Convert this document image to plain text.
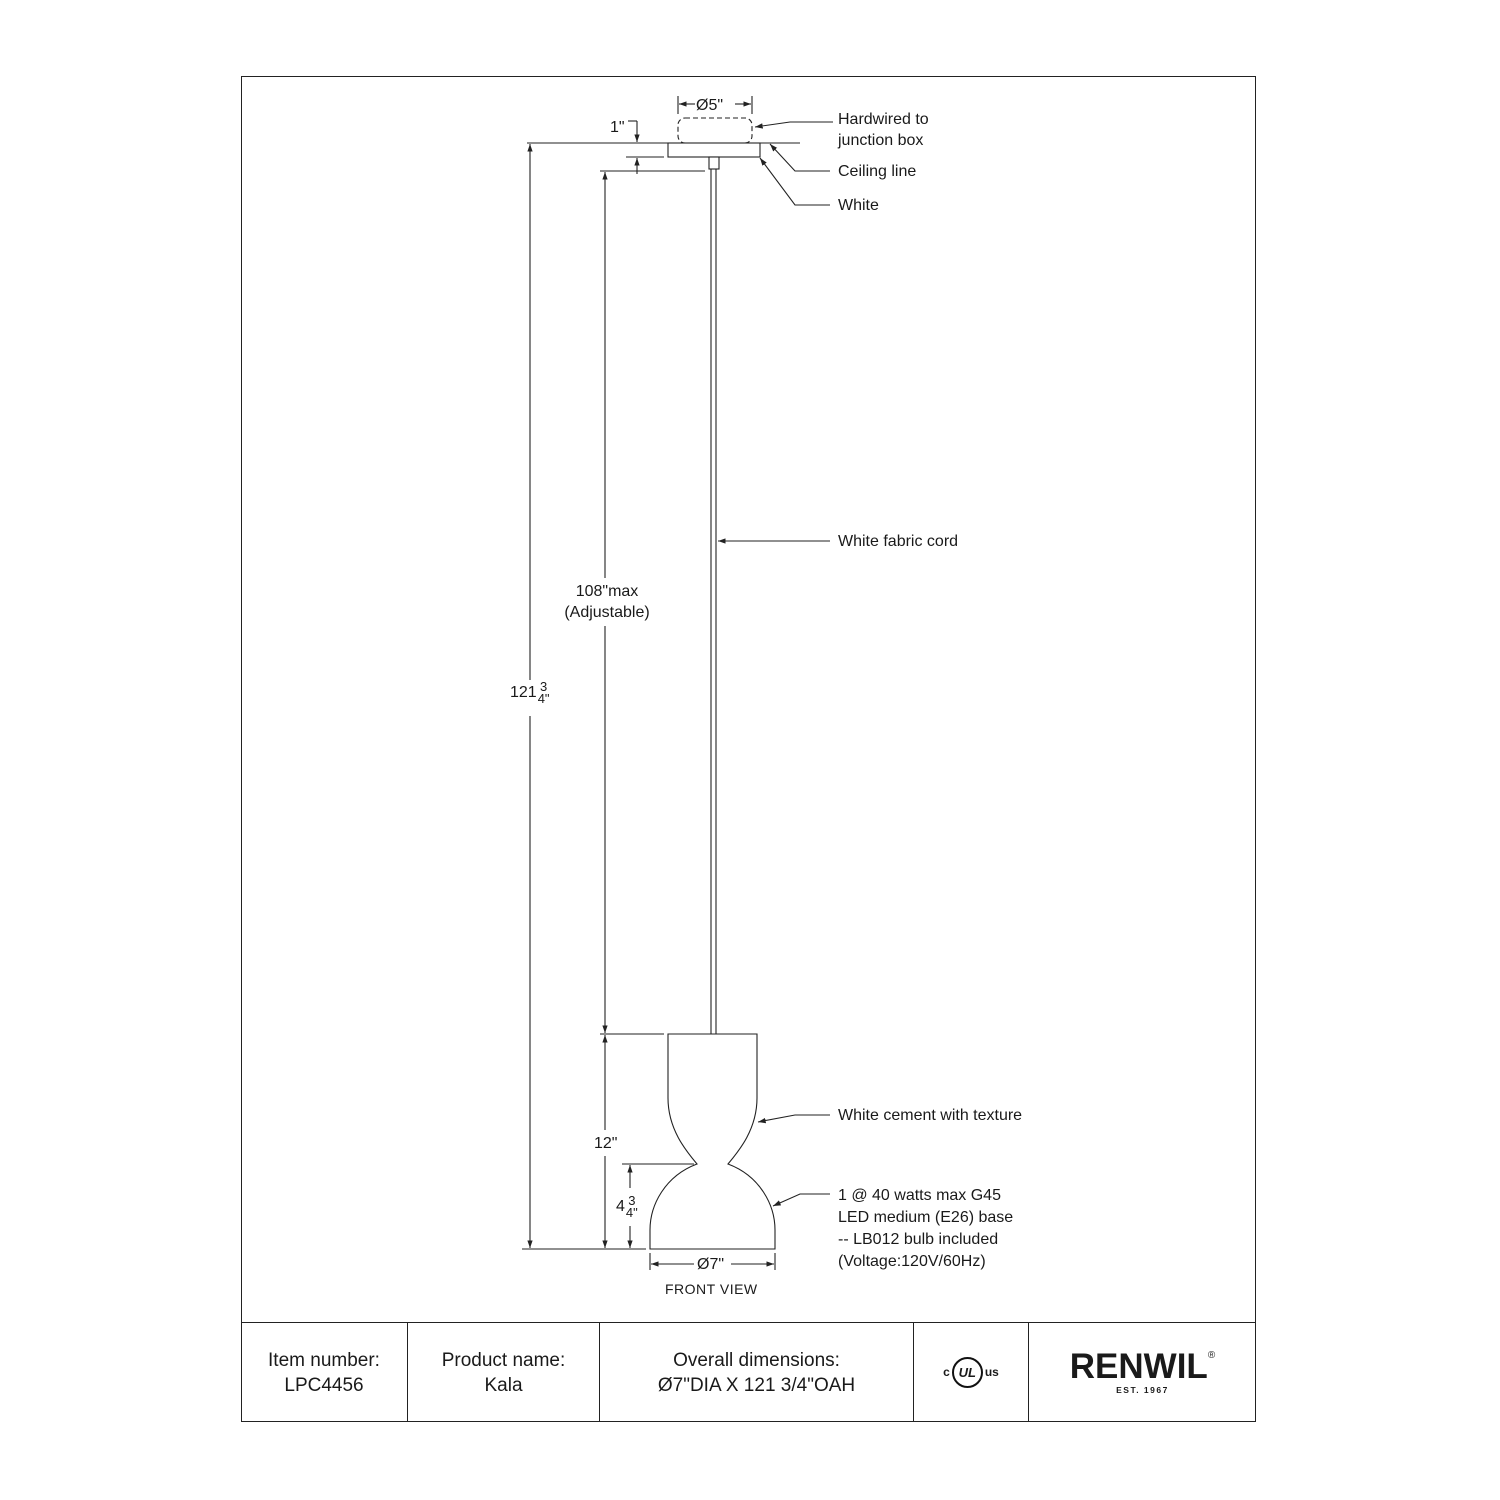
Ø5"
1"
108"max
(Adjustable)
121 3
4"
12"
4 3
4"
Ø7"
FRONT VIEW
Hardwired to
junction box
Ceiling line
White
White fabric cord
White cement with texture
1 @ 40 watts max G45
LED medium (E26) base
-- LB012 bulb included
(Voltage:120V/60Hz)
Item number:
LPC4456
Product name:
Kala
Overall dimensions:
Ø7"DIA X 121 3/4"OAH
c UL us RENWIL ®
EST. 1967
